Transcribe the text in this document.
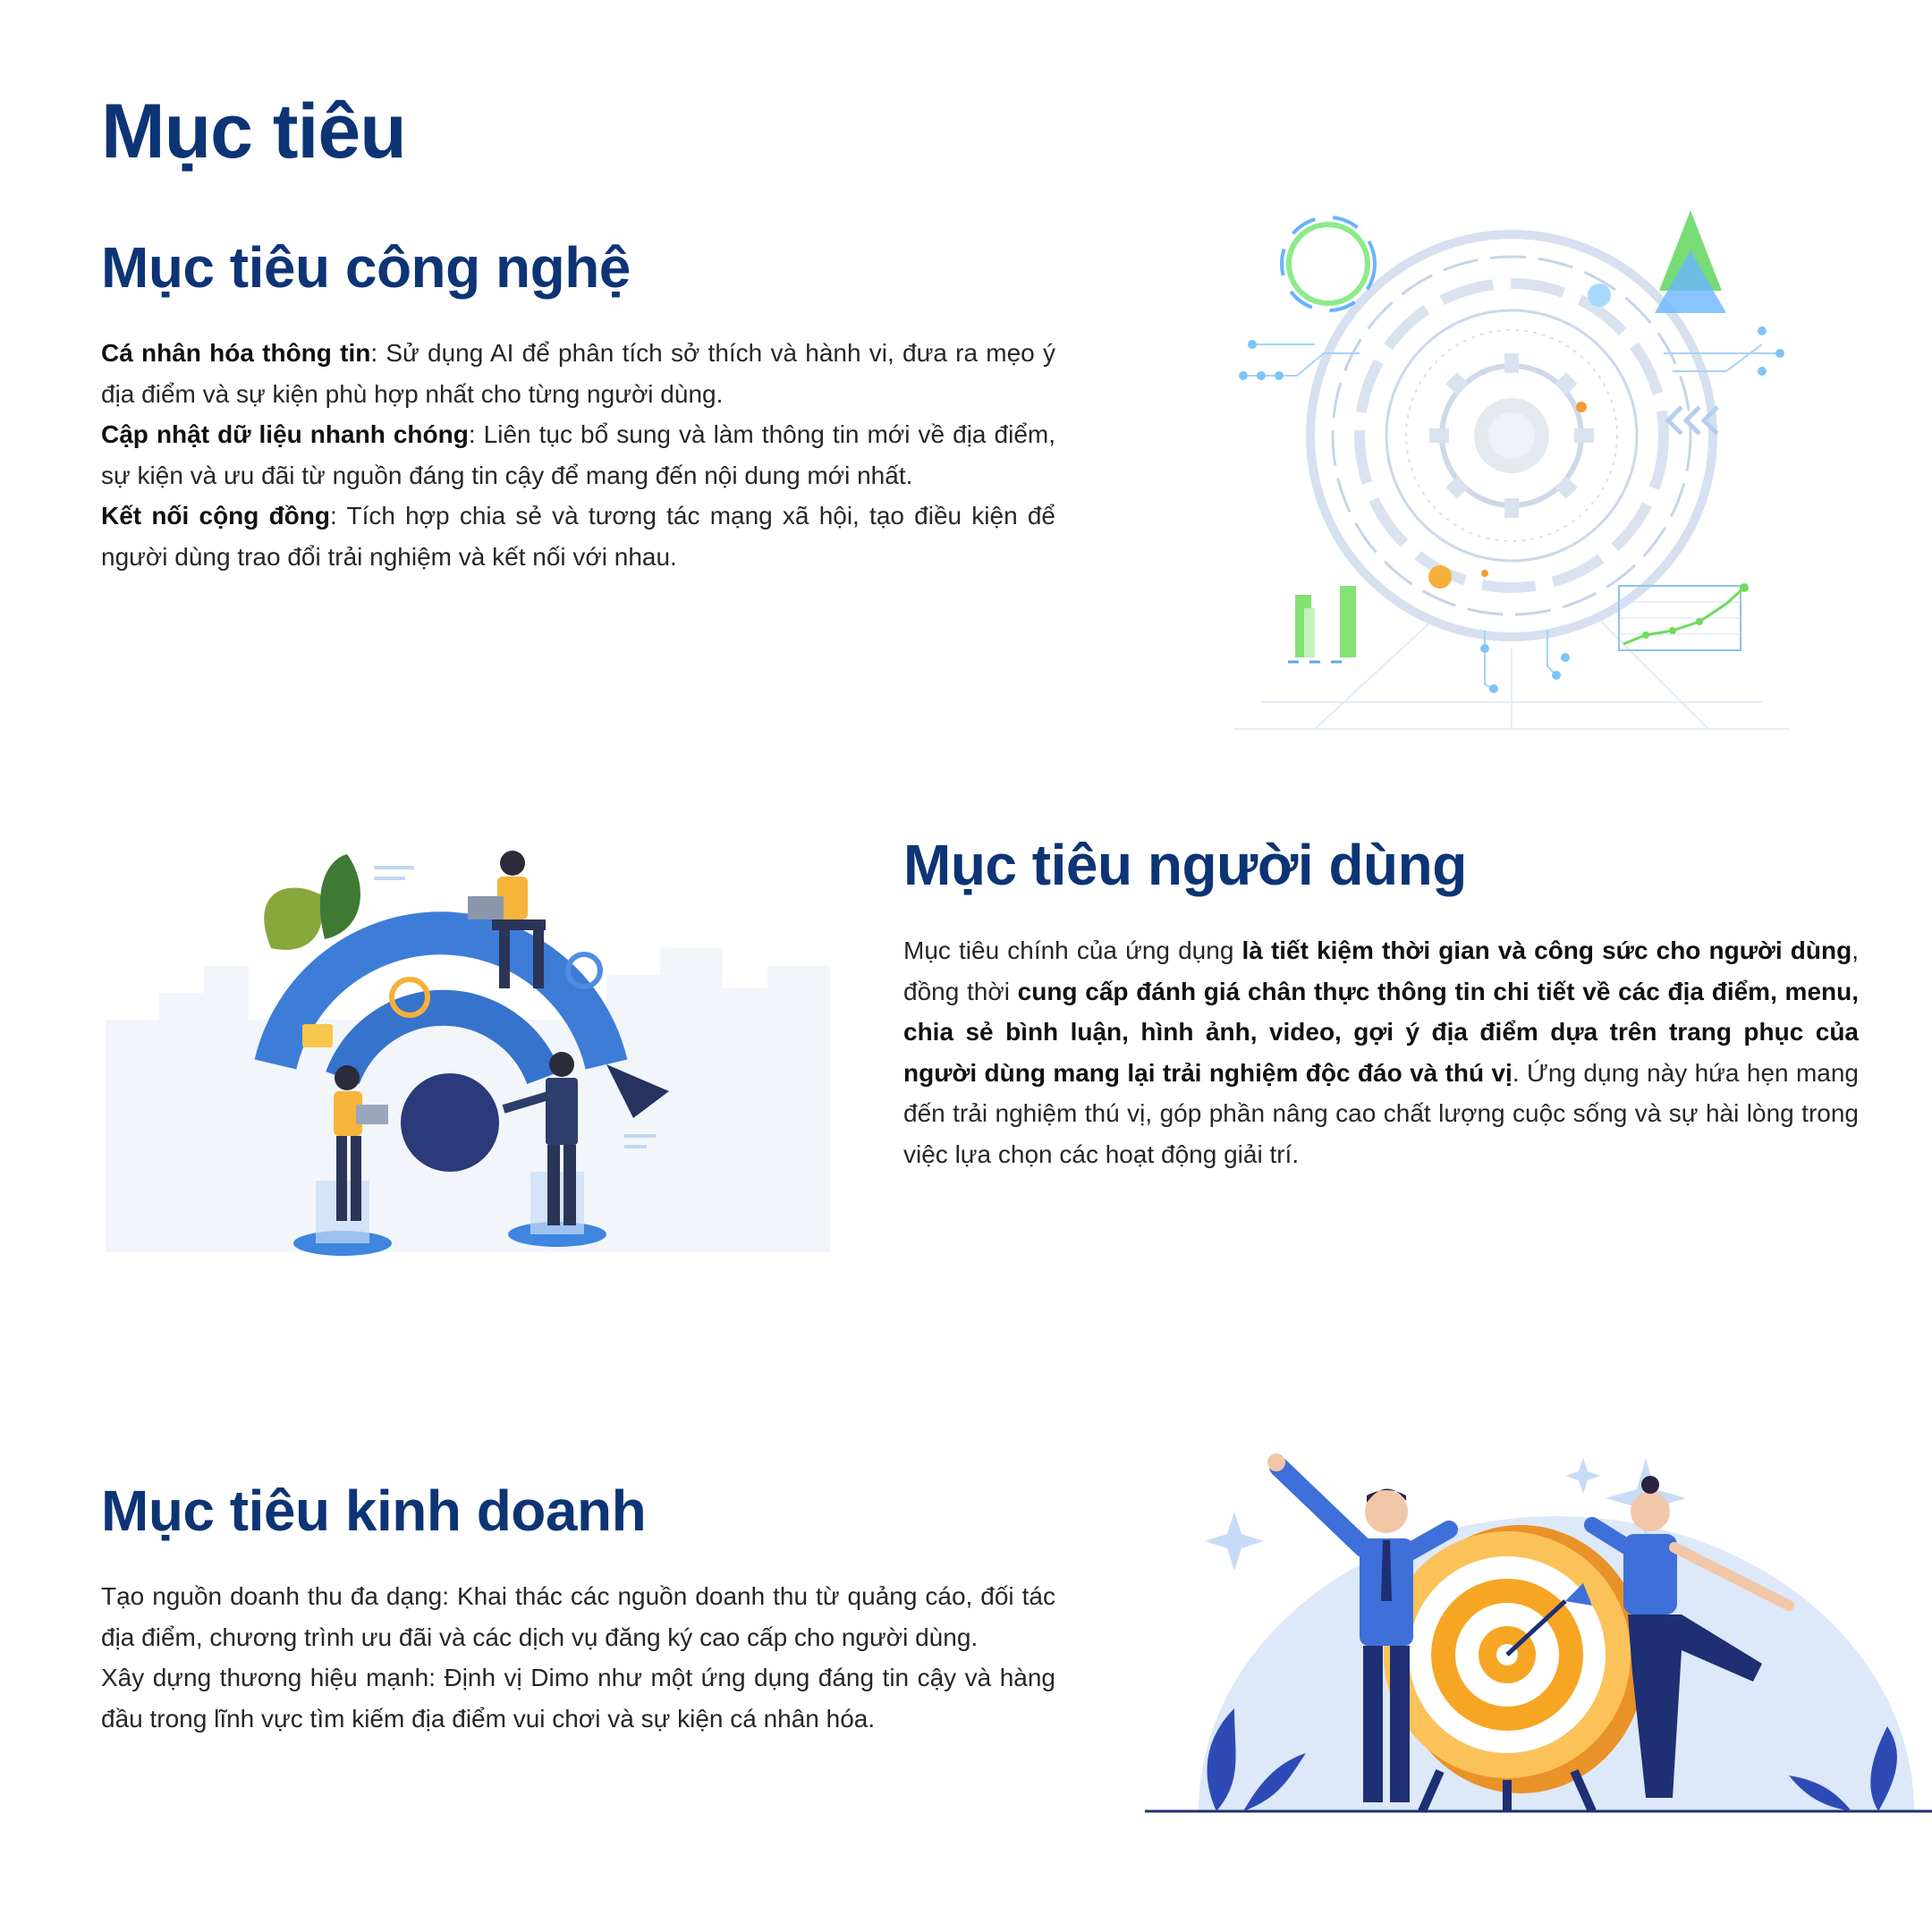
Mục tiêu
Mục tiêu công nghệ
Cá nhân hóa thông tin: Sử dụng AI để phân tích sở thích và hành vi, đưa ra mẹo ý địa điểm và sự kiện phù hợp nhất cho từng người dùng.
Cập nhật dữ liệu nhanh chóng: Liên tục bổ sung và làm thông tin mới về địa điểm, sự kiện và ưu đãi từ nguồn đáng tin cậy để mang đến nội dung mới nhất.
Kết nối cộng đồng: Tích hợp chia sẻ và tương tác mạng xã hội, tạo điều kiện để người dùng trao đổi trải nghiệm và kết nối với nhau.
Mục tiêu người dùng

Mục tiêu chính của ứng dụng là tiết kiệm thời gian và công sức cho người dùng, đồng thời cung cấp đánh giá chân thực thông tin chi tiết về các địa điểm, menu, chia sẻ bình luận, hình ảnh, video, gợi ý địa điểm dựa trên trang phục của người dùng mang lại trải nghiệm độc đáo và thú vị. Ứng dụng này hứa hẹn mang đến trải nghiệm thú vị, góp phần nâng cao chất lượng cuộc sống và sự hài lòng trong việc lựa chọn các hoạt động giải trí.

Mục tiêu kinh doanh
Tạo nguồn doanh thu đa dạng: Khai thác các nguồn doanh thu từ quảng cáo, đối tác địa điểm, chương trình ưu đãi và các dịch vụ đăng ký cao cấp cho người dùng.
Xây dựng thương hiệu mạnh: Định vị Dimo như một ứng dụng đáng tin cậy và hàng đầu trong lĩnh vực tìm kiếm địa điểm vui chơi và sự kiện cá nhân hóa.
